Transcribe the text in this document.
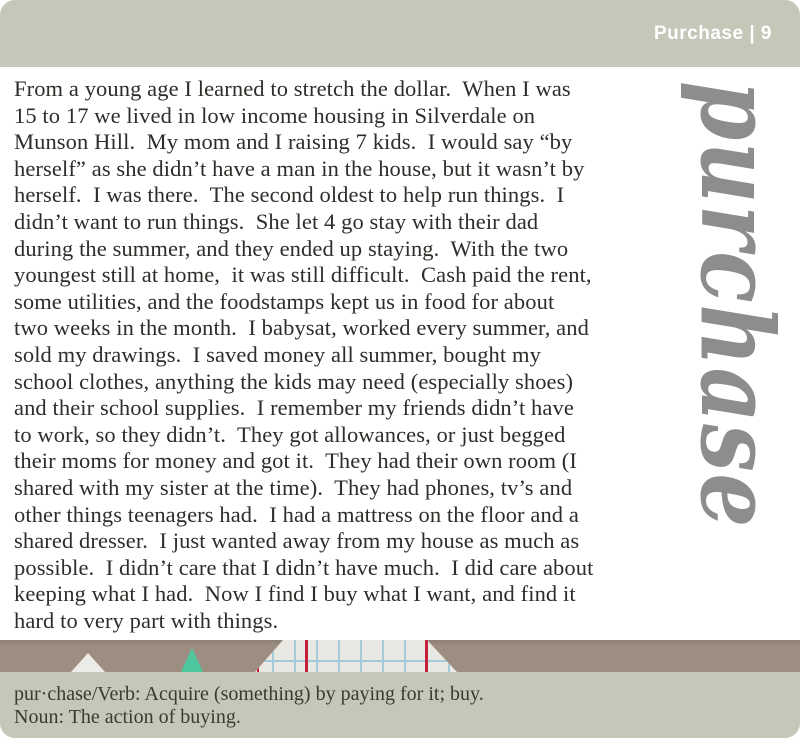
Purchase | 9
From a young age I learned to stretch the dollar.  When I was
15 to 17 we lived in low income housing in Silverdale on
Munson Hill.  My mom and I raising 7 kids.  I would say “by
herself” as she didn’t have a man in the house, but it wasn’t by
herself.  I was there.  The second oldest to help run things.  I
didn’t want to run things.  She let 4 go stay with their dad
during the summer, and they ended up staying.  With the two
youngest still at home,  it was still difficult.  Cash paid the rent,
some utilities, and the foodstamps kept us in food for about
two weeks in the month.  I babysat, worked every summer, and
sold my drawings.  I saved money all summer, bought my
school clothes, anything the kids may need (especially shoes)
and their school supplies.  I remember my friends didn’t have
to work, so they didn’t.  They got allowances, or just begged
their moms for money and got it.  They had their own room (I
shared with my sister at the time).  They had phones, tv’s and
other things teenagers had.  I had a mattress on the floor and a
shared dresser.  I just wanted away from my house as much as
possible.  I didn’t care that I didn’t have much.  I did care about
keeping what I had.  Now I find I buy what I want, and find it
hard to very part with things.
purchase
pur·chase/Verb: Acquire (something) by paying for it; buy.
Noun: The action of buying.
